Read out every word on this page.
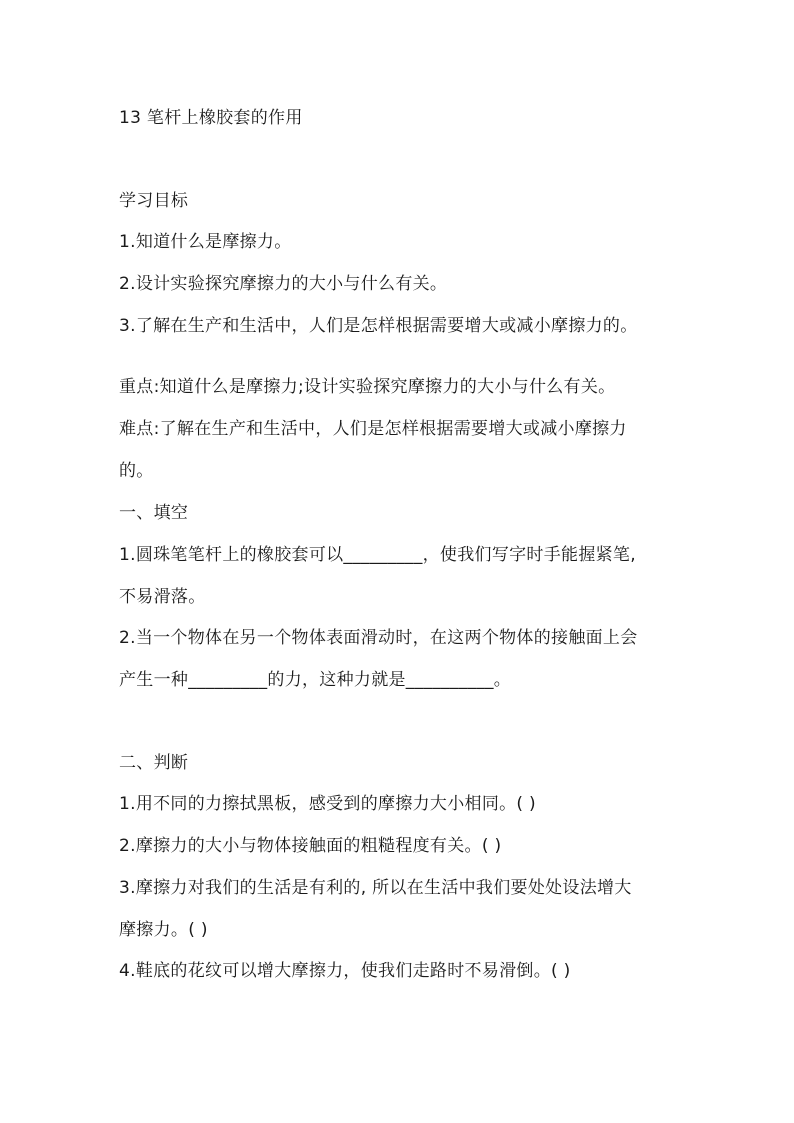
13 笔杆上橡胶套的作用
学习目标
1.知道什么是摩擦力。
2.设计实验探究摩擦力的大小与什么有关。
3.了解在生产和生活中，人们是怎样根据需要增大或减小摩擦力的。
重点:知道什么是摩擦力;设计实验探究摩擦力的大小与什么有关。
难点:了解在生产和生活中，人们是怎样根据需要增大或减小摩擦力
的。
一、填空
1.圆珠笔笔杆上的橡胶套可以_________，使我们写字时手能握紧笔,
不易滑落。
2.当一个物体在另一个物体表面滑动时，在这两个物体的接触面上会
产生一种_________的力，这种力就是__________。
二、判断
1.用不同的力擦拭黑板，感受到的摩擦力大小相同。( )
2.摩擦力的大小与物体接触面的粗糙程度有关。( )
3.摩擦力对我们的生活是有利的, 所以在生活中我们要处处设法增大
摩擦力。( )
4.鞋底的花纹可以增大摩擦力，使我们走路时不易滑倒。( )
